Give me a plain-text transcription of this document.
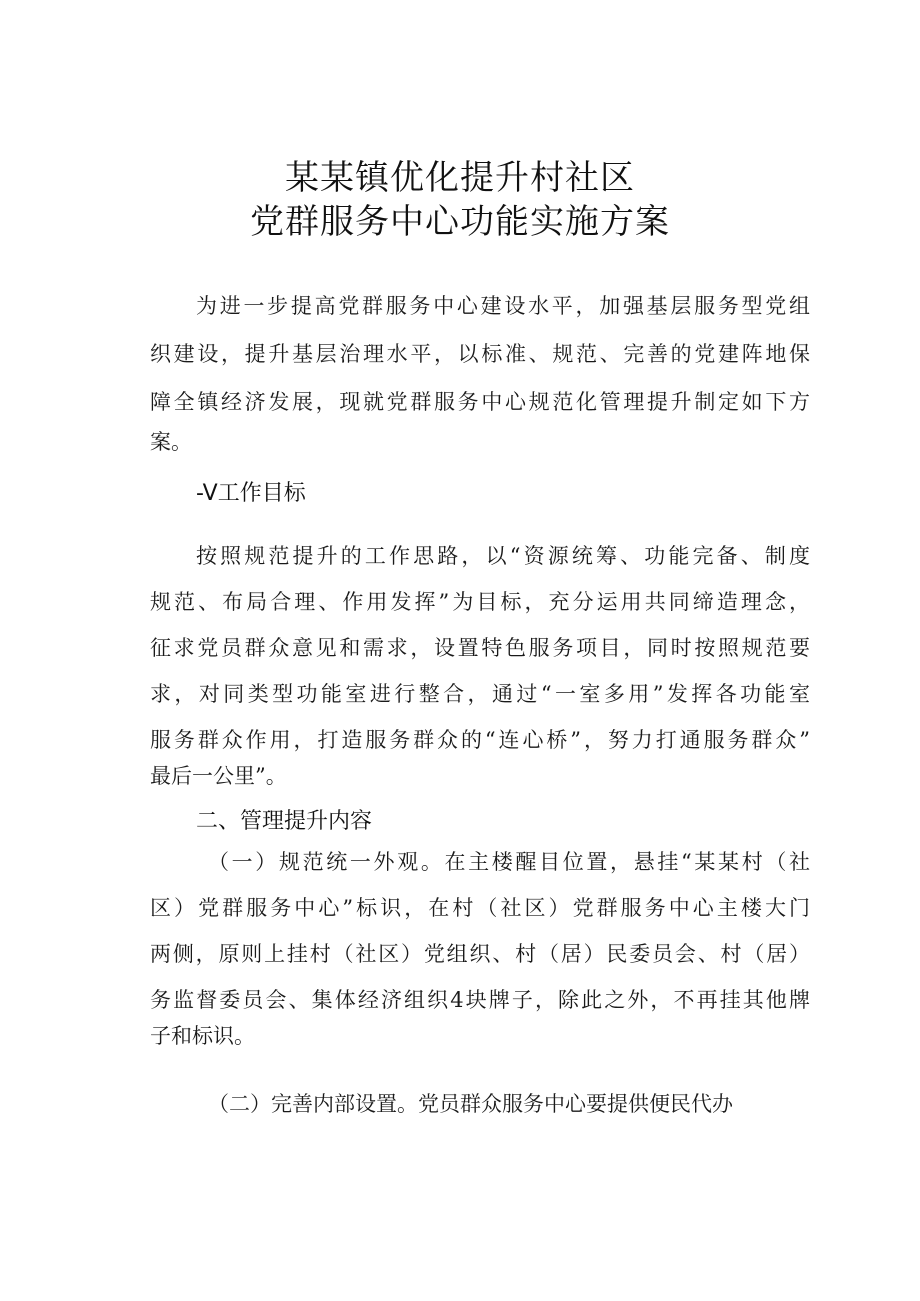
某某镇优化提升村社区
党群服务中心功能实施方案
为进一步提高党群服务中心建设水平，加强基层服务型党组
织建设，提升基层治理水平，以标准、规范、完善的党建阵地保
障全镇经济发展，现就党群服务中心规范化管理提升制定如下方
案。
-V工作目标
按照规范提升的工作思路，以“资源统筹、功能完备、制度
规范、布局合理、作用发挥”为目标，充分运用共同缔造理念，
征求党员群众意见和需求，设置特色服务项目，同时按照规范要
求，对同类型功能室进行整合，通过“一室多用”发挥各功能室
服务群众作用，打造服务群众的“连心桥”，努力打通服务群众”
最后一公里”。
二、管理提升内容
（一）规范统一外观。在主楼醒目位置，悬挂“某某村（社
区）党群服务中心”标识，在村（社区）党群服务中心主楼大门
两侧，原则上挂村（社区）党组织、村（居）民委员会、村（居）
务监督委员会、集体经济组织4块牌子，除此之外，不再挂其他牌
子和标识。
（二）完善内部设置。党员群众服务中心要提供便民代办
